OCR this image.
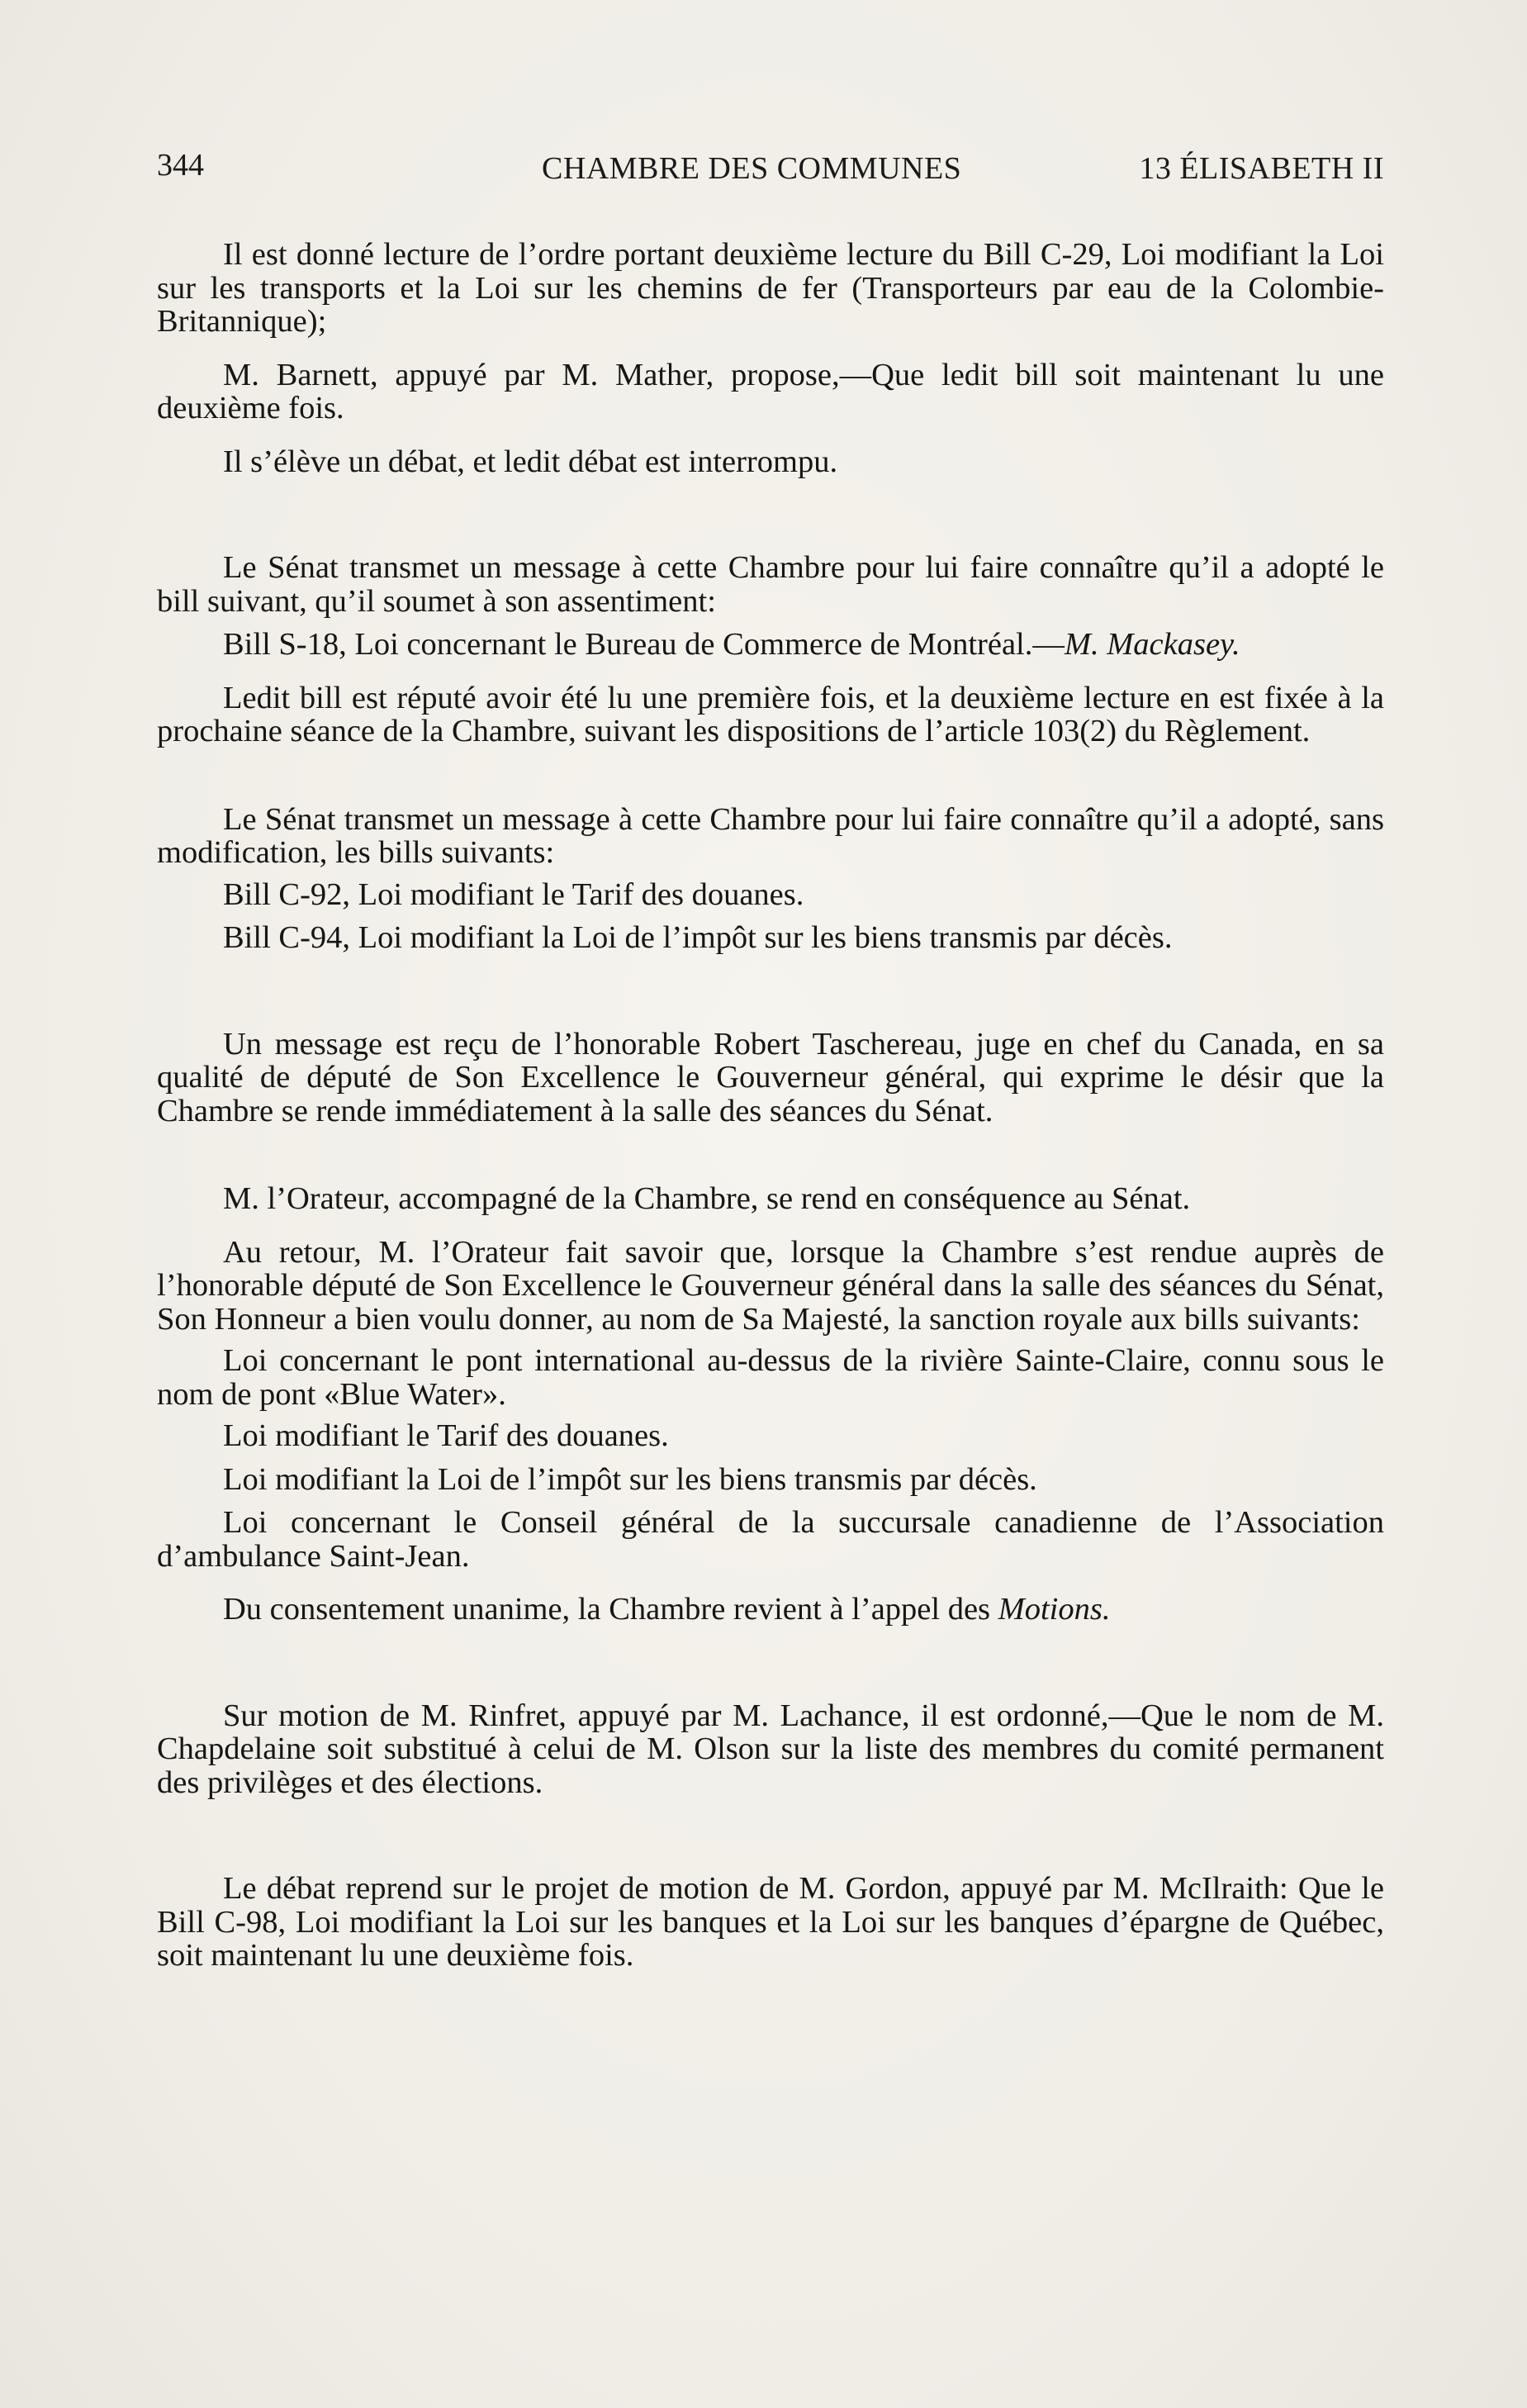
344	CHAMBRE DES COMMUNES	13 ÉLISABETH II

Il est donné lecture de l’ordre portant deuxième lecture du Bill C-29, Loi modifiant la Loi sur les transports et la Loi sur les chemins de fer (Transporteurs par eau de la Colombie-Britannique);

M. Barnett, appuyé par M. Mather, propose,—Que ledit bill soit maintenant lu une deuxième fois.

Il s’élève un débat, et ledit débat est interrompu.

Le Sénat transmet un message à cette Chambre pour lui faire connaître qu’il a adopté le bill suivant, qu’il soumet à son assentiment:

Bill S-18, Loi concernant le Bureau de Commerce de Montréal.—M. Mackasey.

Ledit bill est réputé avoir été lu une première fois, et la deuxième lecture en est fixée à la prochaine séance de la Chambre, suivant les dispositions de l’article 103(2) du Règlement.

Le Sénat transmet un message à cette Chambre pour lui faire connaître qu’il a adopté, sans modification, les bills suivants:

Bill C-92, Loi modifiant le Tarif des douanes.

Bill C-94, Loi modifiant la Loi de l’impôt sur les biens transmis par décès.

Un message est reçu de l’honorable Robert Taschereau, juge en chef du Canada, en sa qualité de député de Son Excellence le Gouverneur général, qui exprime le désir que la Chambre se rende immédiatement à la salle des séances du Sénat.

M. l’Orateur, accompagné de la Chambre, se rend en conséquence au Sénat.

Au retour, M. l’Orateur fait savoir que, lorsque la Chambre s’est rendue auprès de l’honorable député de Son Excellence le Gouverneur général dans la salle des séances du Sénat, Son Honneur a bien voulu donner, au nom de Sa Majesté, la sanction royale aux bills suivants:

Loi concernant le pont international au-dessus de la rivière Sainte-Claire, connu sous le nom de pont «Blue Water».

Loi modifiant le Tarif des douanes.

Loi modifiant la Loi de l’impôt sur les biens transmis par décès.

Loi concernant le Conseil général de la succursale canadienne de l’Association d’ambulance Saint-Jean.

Du consentement unanime, la Chambre revient à l’appel des Motions.

Sur motion de M. Rinfret, appuyé par M. Lachance, il est ordonné,—Que le nom de M. Chapdelaine soit substitué à celui de M. Olson sur la liste des membres du comité permanent des privilèges et des élections.

Le débat reprend sur le projet de motion de M. Gordon, appuyé par M. McIlraith: Que le Bill C-98, Loi modifiant la Loi sur les banques et la Loi sur les banques d’épargne de Québec, soit maintenant lu une deuxième fois.
